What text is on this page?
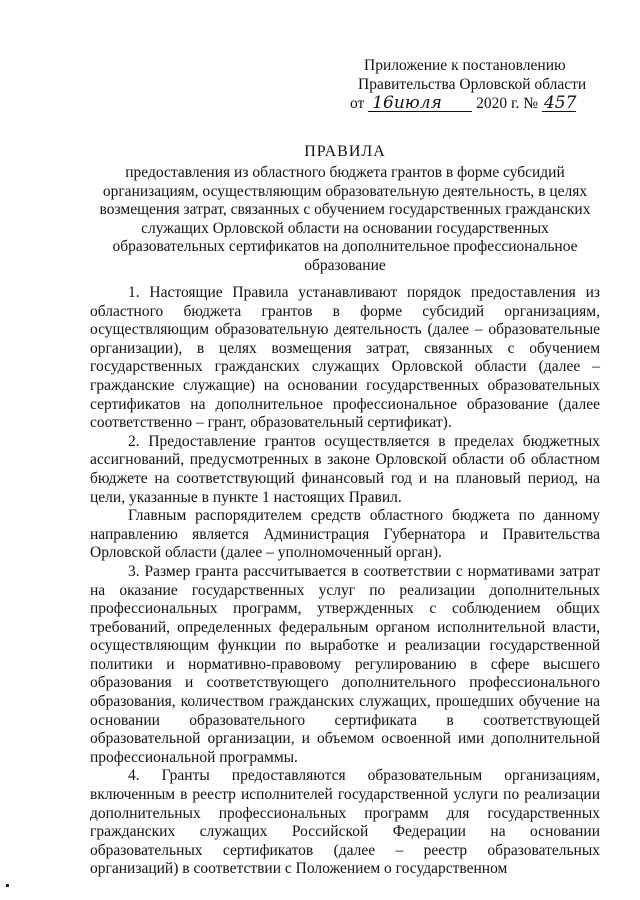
Приложение к постановлению
Правительства Орловской области
от 16июля 2020 г. № 457
ПРАВИЛА
предоставления из областного бюджета грантов в форме субсидий организациям, осуществляющим образовательную деятельность, в целях возмещения затрат, связанных с обучением государственных гражданских служащих Орловской области на основании государственных образовательных сертификатов на дополнительное профессиональное образование

1. Настоящие Правила устанавливают порядок предоставления из областного бюджета грантов в форме субсидий организациям, осуществляющим образовательную деятельность (далее – образовательные организации), в целях возмещения затрат, связанных с обучением государственных гражданских служащих Орловской области (далее – гражданские служащие) на основании государственных образовательных сертификатов на дополнительное профессиональное образование (далее соответственно – грант, образовательный сертификат).

2. Предоставление грантов осуществляется в пределах бюджетных ассигнований, предусмотренных в законе Орловской области об областном бюджете на соответствующий финансовый год и на плановый период, на цели, указанные в пункте 1 настоящих Правил.

Главным распорядителем средств областного бюджета по данному направлению является Администрация Губернатора и Правительства Орловской области (далее – уполномоченный орган).

3. Размер гранта рассчитывается в соответствии с нормативами затрат на оказание государственных услуг по реализации дополнительных профессиональных программ, утвержденных с соблюдением общих требований, определенных федеральным органом исполнительной власти, осуществляющим функции по выработке и реализации государственной политики и нормативно-правовому регулированию в сфере высшего образования и соответствующего дополнительного профессионального образования, количеством гражданских служащих, прошедших обучение на основании образовательного сертификата в соответствующей образовательной организации, и объемом освоенной ими дополнительной профессиональной программы.

4. Гранты предоставляются образовательным организациям, включенным в реестр исполнителей государственной услуги по реализации дополнительных профессиональных программ для государственных гражданских служащих Российской Федерации на основании образовательных сертификатов (далее – реестр образовательных организаций) в соответствии с Положением о государственном
